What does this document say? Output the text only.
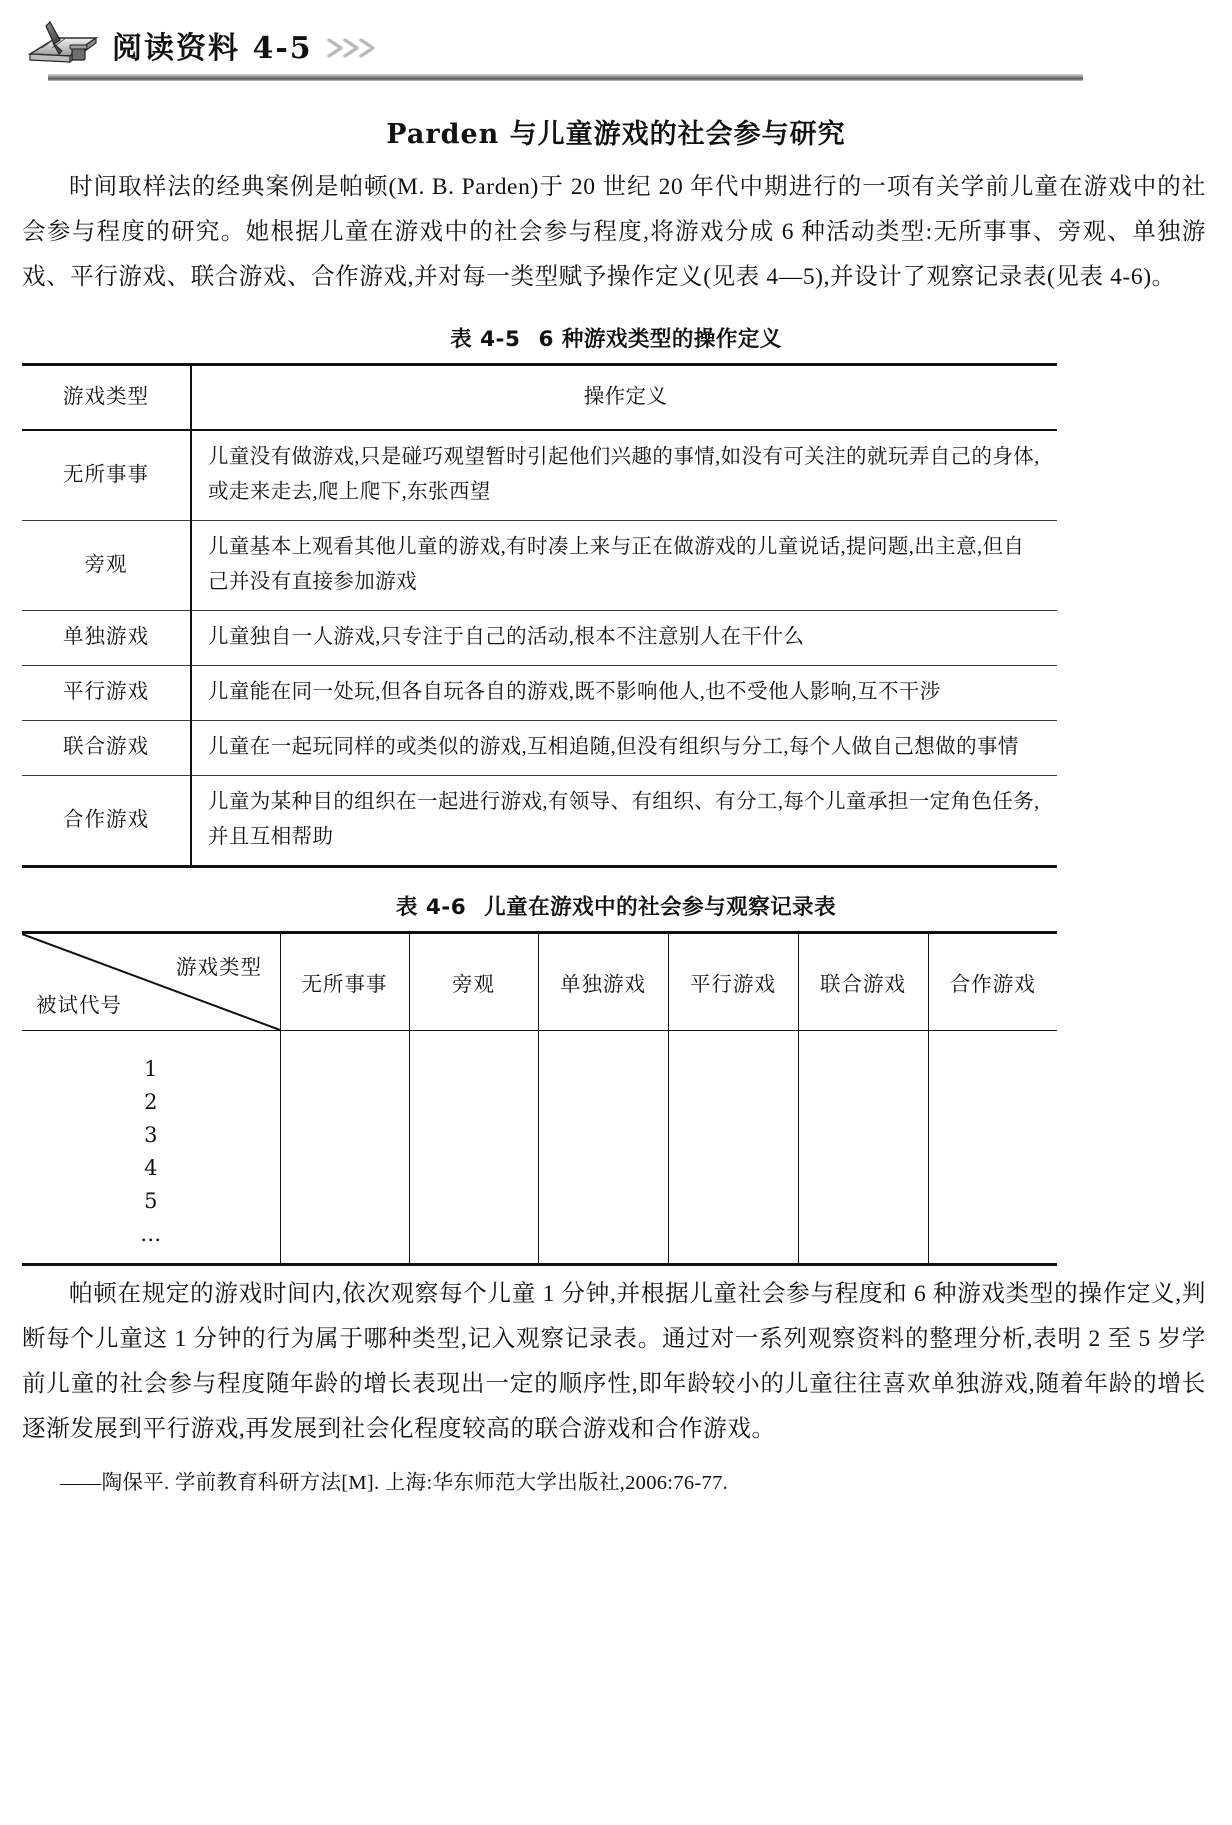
阅读资料 4-5
Parden 与儿童游戏的社会参与研究

时间取样法的经典案例是帕顿(M. B. Parden)于 20 世纪 20 年代中期进行的一项有关学前儿童在游戏中的社会参与程度的研究。她根据儿童在游戏中的社会参与程度,将游戏分成 6 种活动类型:无所事事、旁观、单独游戏、平行游戏、联合游戏、合作游戏,并对每一类型赋予操作定义(见表 4—5),并设计了观察记录表(见表 4-6)。

表 4-5 6 种游戏类型的操作定义
游戏类型	操作定义
无所事事	儿童没有做游戏,只是碰巧观望暂时引起他们兴趣的事情,如没有可关注的就玩弄自己的身体,或走来走去,爬上爬下,东张西望
旁观	儿童基本上观看其他儿童的游戏,有时凑上来与正在做游戏的儿童说话,提问题,出主意,但自己并没有直接参加游戏
单独游戏	儿童独自一人游戏,只专注于自己的活动,根本不注意别人在干什么
平行游戏	儿童能在同一处玩,但各自玩各自的游戏,既不影响他人,也不受他人影响,互不干涉
联合游戏	儿童在一起玩同样的或类似的游戏,互相追随,但没有组织与分工,每个人做自己想做的事情
合作游戏	儿童为某种目的组织在一起进行游戏,有领导、有组织、有分工,每个儿童承担一定角色任务,并且互相帮助
表 4-6 儿童在游戏中的社会参与观察记录表
游戏类型
被试代号	无所事事	旁观	单独游戏	平行游戏	联合游戏	合作游戏

1
2
3
4
5
…

帕顿在规定的游戏时间内,依次观察每个儿童 1 分钟,并根据儿童社会参与程度和 6 种游戏类型的操作定义,判断每个儿童这 1 分钟的行为属于哪种类型,记入观察记录表。通过对一系列观察资料的整理分析,表明 2 至 5 岁学前儿童的社会参与程度随年龄的增长表现出一定的顺序性,即年龄较小的儿童往往喜欢单独游戏,随着年龄的增长逐渐发展到平行游戏,再发展到社会化程度较高的联合游戏和合作游戏。

——陶保平. 学前教育科研方法[M]. 上海:华东师范大学出版社,2006:76-77.
